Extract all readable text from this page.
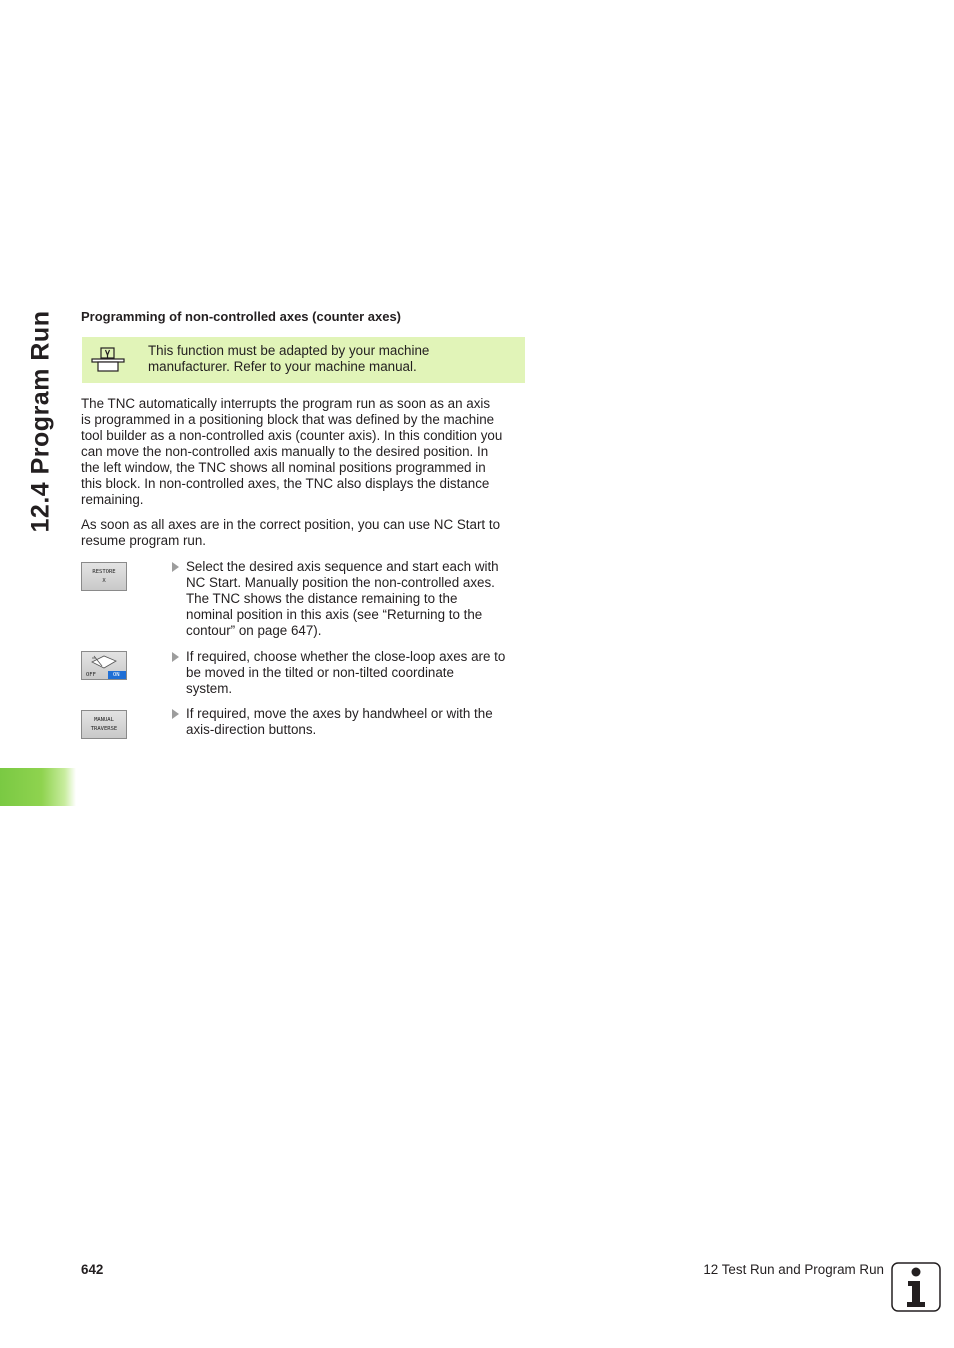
12.4 Program Run Programming of non-controlled axes (counter axes)
This function must be adapted by your machine
manufacturer. Refer to your machine manual.
The TNC automatically interrupts the program run as soon as an axis
is programmed in a positioning block that was defined by the machine
tool builder as a non-controlled axis (counter axis). In this condition you
can move the non-controlled axis manually to the desired position. In
the left window, the TNC shows all nominal positions programmed in
this block. In non-controlled axes, the TNC also displays the distance
remaining.
As soon as all axes are in the correct position, you can use NC Start to
resume program run.
RESTORE
X
Select the desired axis sequence and start each with
NC Start. Manually position the non-controlled axes.
The TNC shows the distance remaining to the
nominal position in this axis (see “Returning to the
contour” on page 647).
OFF	ON
If required, choose whether the close-loop axes are to
be moved in the tilted or non-tilted coordinate
system.
MANUAL
TRAVERSE
If required, move the axes by handwheel or with the
axis-direction buttons.
642	12 Test Run and Program Run
